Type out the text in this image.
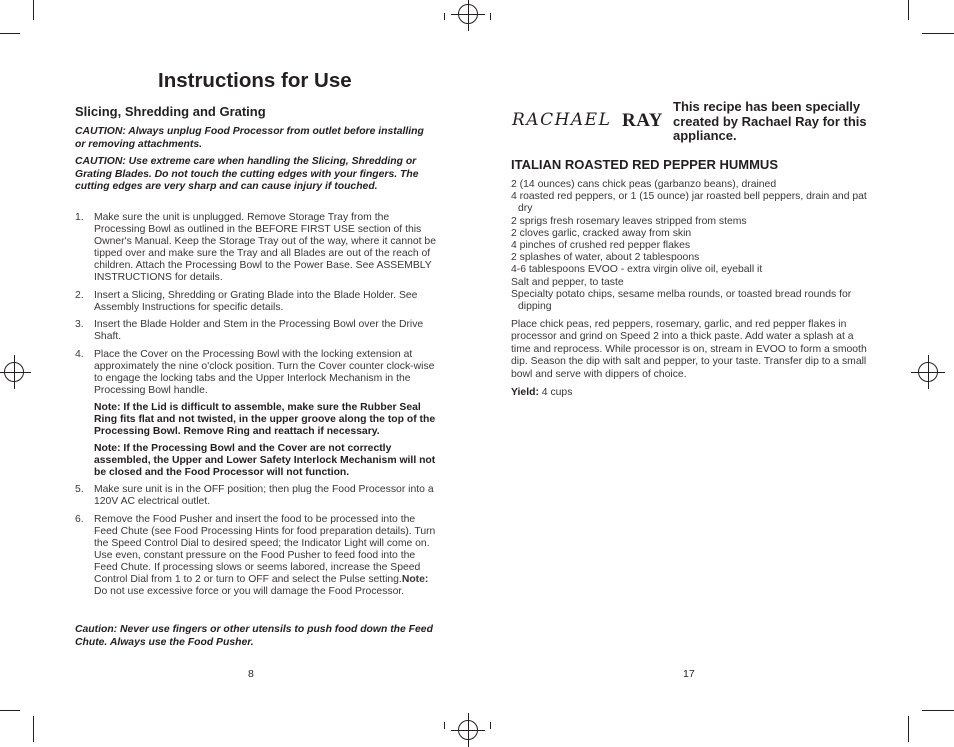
Instructions for Use
Slicing, Shredding and Grating

CAUTION: Always unplug Food Processor from outlet before installing or removing attachments.

CAUTION: Use extreme care when handling the Slicing, Shredding or Grating Blades. Do not touch the cutting edges with your fingers. The cutting edges are very sharp and can cause injury if touched.

1. Make sure the unit is unplugged. Remove Storage Tray from the Processing Bowl as outlined in the BEFORE FIRST USE section of this Owner's Manual. Keep the Storage Tray out of the way, where it cannot be tipped over and make sure the Tray and all Blades are out of the reach of children. Attach the Processing Bowl to the Power Base. See ASSEMBLY INSTRUCTIONS for details.
2. Insert a Slicing, Shredding or Grating Blade into the Blade Holder. See Assembly Instructions for specific details.
3. Insert the Blade Holder and Stem in the Processing Bowl over the Drive Shaft.
4. Place the Cover on the Processing Bowl with the locking extension at approximately the nine o'clock position. Turn the Cover counter clock-wise to engage the locking tabs and the Upper Interlock Mechanism in the Processing Bowl handle.
Note: If the Lid is difficult to assemble, make sure the Rubber Seal Ring fits flat and not twisted, in the upper groove along the top of the Processing Bowl. Remove Ring and reattach if necessary.
Note: If the Processing Bowl and the Cover are not correctly assembled, the Upper and Lower Safety Interlock Mechanism will not be closed and the Food Processor will not function.
5. Make sure unit is in the OFF position; then plug the Food Processor into a 120V AC electrical outlet.
6. Remove the Food Pusher and insert the food to be processed into the Feed Chute (see Food Processing Hints for food preparation details). Turn the Speed Control Dial to desired speed; the Indicator Light will come on. Use even, constant pressure on the Food Pusher to feed food into the Feed Chute. If processing slows or seems labored, increase the Speed Control Dial from 1 to 2 or turn to OFF and select the Pulse setting.Note: Do not use excessive force or you will damage the Food Processor.

Caution: Never use fingers or other utensils to push food down the Feed Chute. Always use the Food Pusher.

8
RACHAEL RAY

This recipe has been specially created by Rachael Ray for this appliance.

ITALIAN ROASTED RED PEPPER HUMMUS
2 (14 ounces) cans chick peas (garbanzo beans), drained
4 roasted red peppers, or 1 (15 ounce) jar roasted bell peppers, drain and pat dry
2 sprigs fresh rosemary leaves stripped from stems
2 cloves garlic, cracked away from skin
4 pinches of crushed red pepper flakes
2 splashes of water, about 2 tablespoons
4-6 tablespoons EVOO - extra virgin olive oil, eyeball it
Salt and pepper, to taste
Specialty potato chips, sesame melba rounds, or toasted bread rounds for dipping

Place chick peas, red peppers, rosemary, garlic, and red pepper flakes in processor and grind on Speed 2 into a thick paste. Add water a splash at a time and reprocess. While processor is on, stream in EVOO to form a smooth dip. Season the dip with salt and pepper, to your taste. Transfer dip to a small bowl and serve with dippers of choice.

Yield: 4 cups

17
